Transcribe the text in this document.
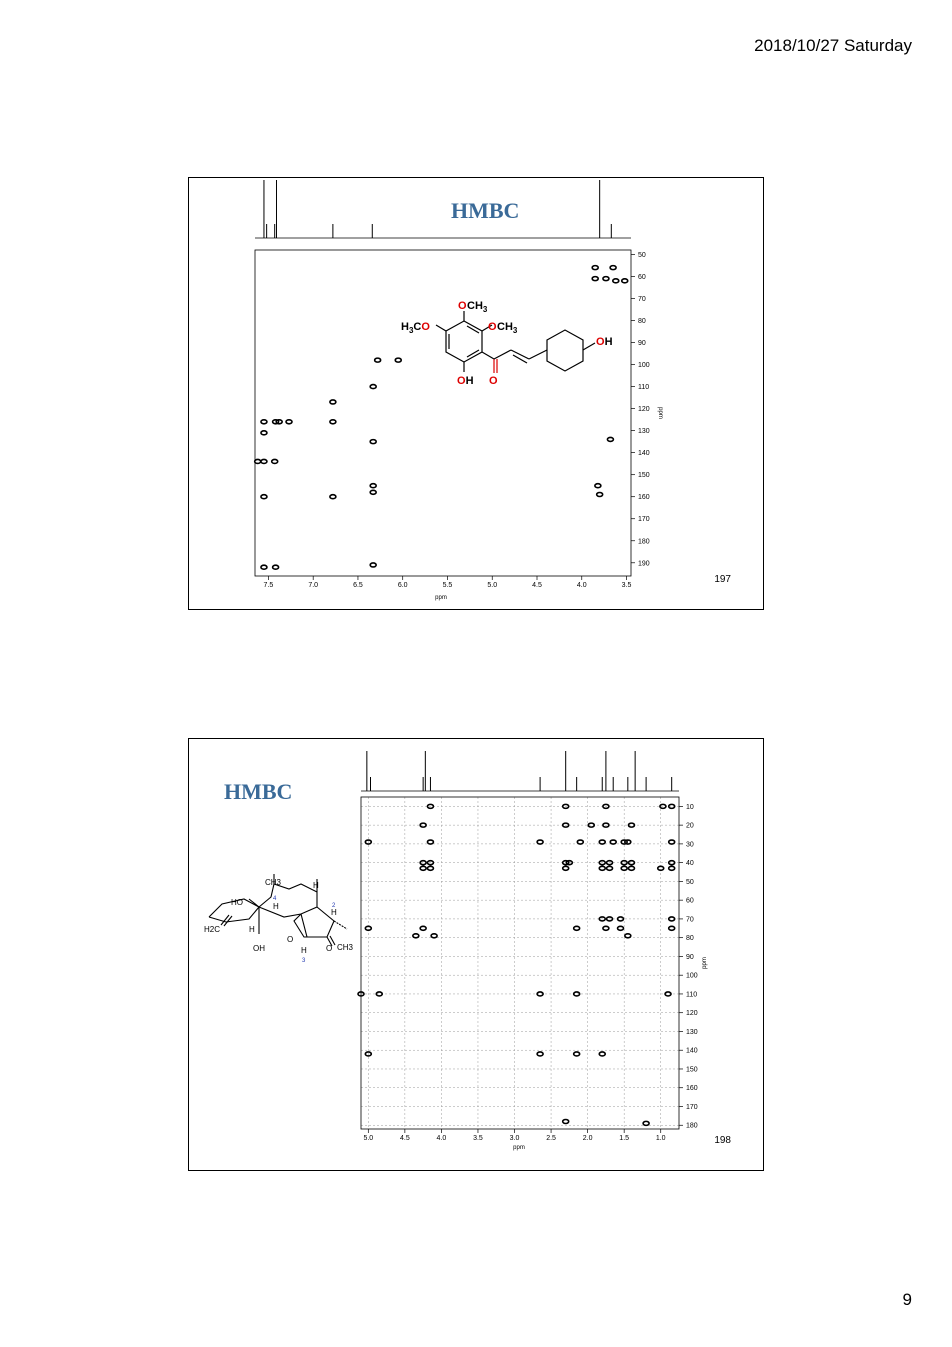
2018/10/27 Saturday
HMBC
7.5	7.0	6.5	6.0	5.5	5.0	4.5	4.0	3.5
50
60
70
80
90
100
110
120
130
140
150
160
170
180
190
ppm
ppm
O $CH_3$
$H_3CO$	O $CH_3$
OH
OH O
197
HMBC
5.0	4.5	4.0	3.5	3.0	2.5	2.0	1.5	1.0
10
20
30
40
50
60
70
80
90
100
110
120
130
140
150
160
170
180
ppm
ppm
CH3	H
HO	4
H
H
2
H2C	H
CH3
OH
O
O
H
3
198
9
